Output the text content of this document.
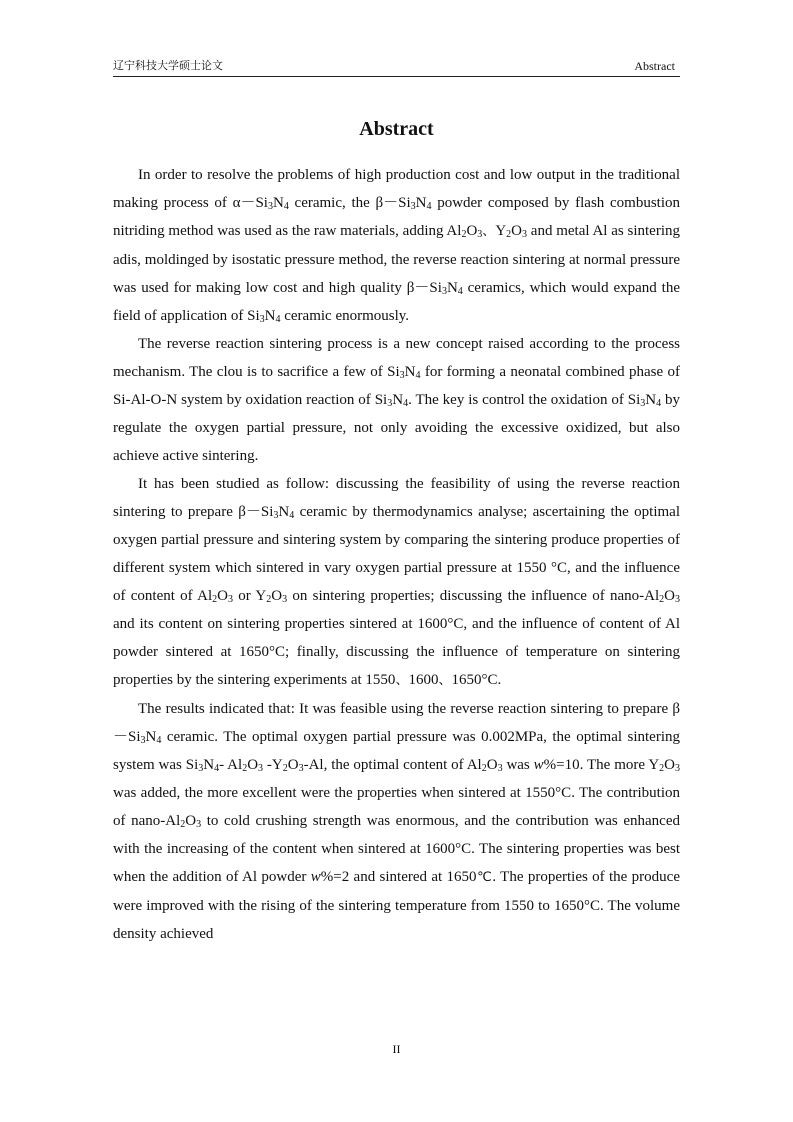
辽宁科技大学硕士论文	Abstract
Abstract

In order to resolve the problems of high production cost and low output in the traditional making process of $\alpha-Si_3N_4$ ceramic, the $\beta-Si_3N_4$ powder composed by flash combustion nitriding method was used as the raw materials, adding $Al_2O_3$、$Y_2O_3$ and metal Al as sintering adis, moldinged by isostatic pressure method, the reverse reaction sintering at normal pressure was used for making low cost and high quality $\beta-Si_3N_4$ ceramics, which would expand the field of application of $Si_3N_4$ ceramic enormously.

The reverse reaction sintering process is a new concept raised according to the process mechanism. The clou is to sacrifice a few of $Si_3N_4$ for forming a neonatal combined phase of Si-Al-O-N system by oxidation reaction of $Si_3N_4$. The key is control the oxidation of $Si_3N_4$ by regulate the oxygen partial pressure, not only avoiding the excessive oxidized, but also achieve active sintering.

It has been studied as follow: discussing the feasibility of using the reverse reaction sintering to prepare $\beta-Si_3N_4$ ceramic by thermodynamics analyse; ascertaining the optimal oxygen partial pressure and sintering system by comparing the sintering produce properties of different system which sintered in vary oxygen partial pressure at 1550 °C, and the influence of content of $Al_2O_3$ or $Y_2O_3$ on sintering properties; discussing the influence of nano-$Al_2O_3$ and its content on sintering properties sintered at 1600°C, and the influence of content of Al powder sintered at 1650°C; finally, discussing the influence of temperature on sintering properties by the sintering experiments at 1550、1600、1650°C.

The results indicated that: It was feasible using the reverse reaction sintering to prepare $\beta-Si_3N_4$ ceramic. The optimal oxygen partial pressure was 0.002MPa, the optimal sintering system was $Si_3N_4-$ $Al_2O_3$ $-Y_2O_3-Al$, the optimal content of $Al_2O_3$ was w%=10. The more $Y_2O_3$ was added, the more excellent were the properties when sintered at 1550°C. The contribution of nano-$Al_2O_3$ to cold crushing strength was enormous, and the contribution was enhanced with the increasing of the content when sintered at 1600°C. The sintering properties was best when the addition of Al powder w%=2 and sintered at 1650℃. The properties of the produce were improved with the rising of the sintering temperature from 1550 to 1650°C. The volume density achieved

II
